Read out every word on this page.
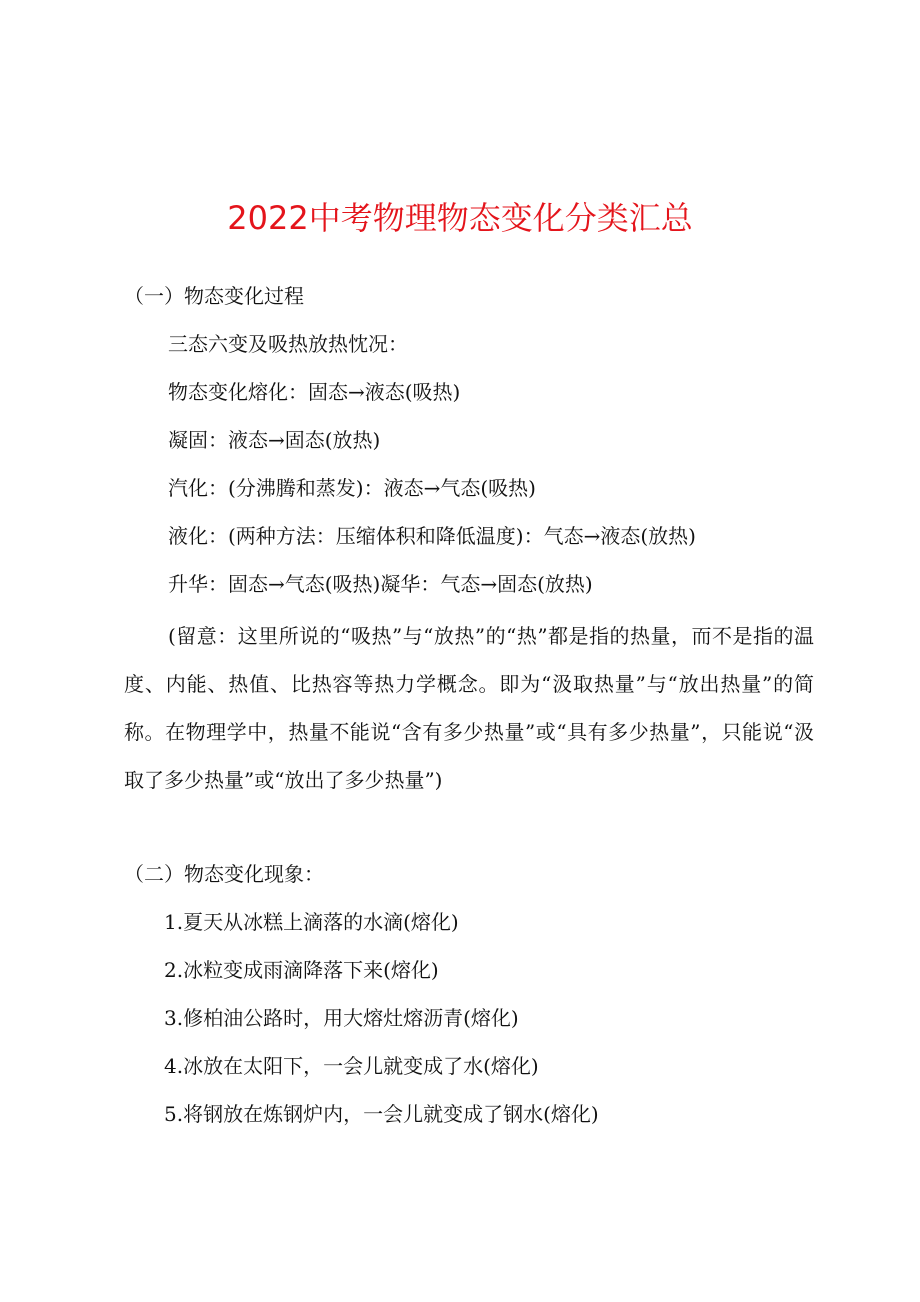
2022中考物理物态变化分类汇总
（一）物态变化过程
三态六变及吸热放热忱况：
物态变化熔化：固态→液态(吸热)
凝固：液态→固态(放热)
汽化：(分沸腾和蒸发)：液态→气态(吸热)
液化：(两种方法：压缩体积和降低温度)：气态→液态(放热)
升华：固态→气态(吸热)凝华：气态→固态(放热)
(留意：这里所说的“吸热”与“放热”的“热”都是指的热量，而不是指的温度、内能、热值、比热容等热力学概念。即为“汲取热量”与“放出热量”的简称。在物理学中，热量不能说“含有多少热量”或“具有多少热量”，只能说“汲取了多少热量”或“放出了多少热量”)
（二）物态变化现象：
1.夏天从冰糕上滴落的水滴(熔化)
2.冰粒变成雨滴降落下来(熔化)
3.修柏油公路时，用大熔灶熔沥青(熔化)
4.冰放在太阳下，一会儿就变成了水(熔化)
5.将钢放在炼钢炉内，一会儿就变成了钢水(熔化)
